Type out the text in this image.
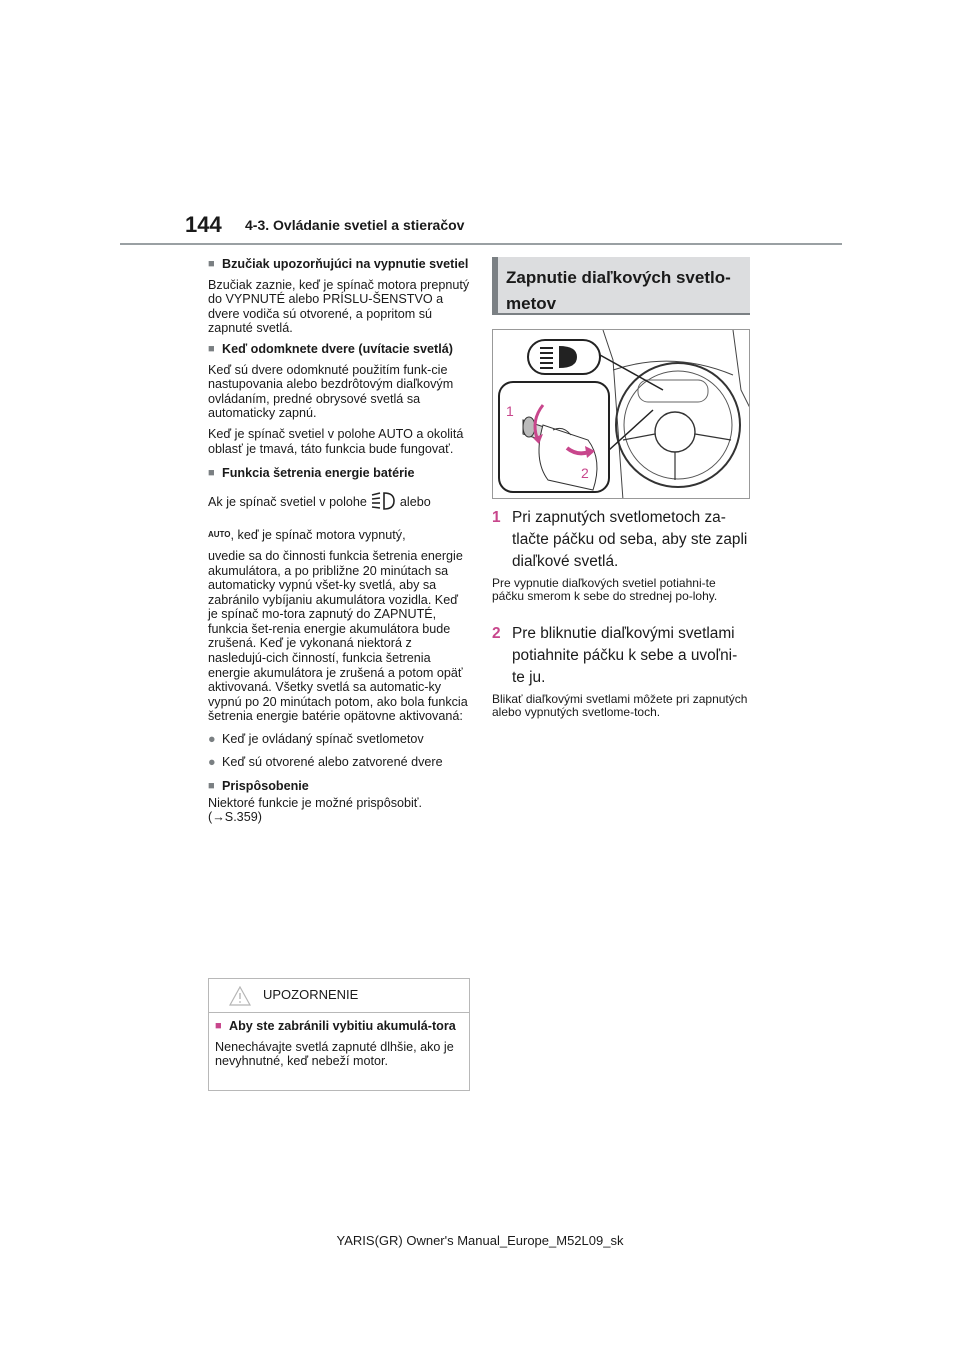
144 4-3. Ovládanie svetiel a stieračov
■ Bzučiak upozorňujúci na vypnutie svetiel
Bzučiak zaznie, keď je spínač motora prepnutý do VYPNUTÉ alebo PRÍSLU-ŠENSTVO a dvere vodiča sú otvorené, a popritom sú zapnuté svetlá.
■ Keď odomknete dvere (uvítacie svetlá)
Keď sú dvere odomknuté použitím funk-cie nastupovania alebo bezdrôtovým diaľkovým ovládaním, predné obrysové svetlá sa automaticky zapnú.
Keď je spínač svetiel v polohe AUTO a okolitá oblasť je tmavá, táto funkcia bude fungovať.
■ Funkcia šetrenia energie batérie
Ak je spínač svetiel v polohe	alebo
AUTO, keď je spínač motora vypnutý,
uvedie sa do činnosti funkcia šetrenia energie akumulátora, a po približne 20 minútach sa automaticky vypnú všet-ky svetlá, aby sa zabránilo vybíjaniu akumulátora vozidla. Keď je spínač mo-tora zapnutý do ZAPNUTÉ, funkcia šet-renia energie akumulátora bude zrušená. Keď je vykonaná niektorá z nasledujú-cich činností, funkcia šetrenia energie akumulátora je zrušená a potom opäť aktivovaná. Všetky svetlá sa automatic-ky vypnú po 20 minútach potom, ako bola funkcia šetrenia energie batérie opätovne aktivovaná:
● Keď je ovládaný spínač svetlometov
● Keď sú otvorené alebo zatvorené dvere
■ Prispôsobenie
Niektoré funkcie je možné prispôsobiť. (→S.359)
UPOZORNENIE
■ Aby ste zabránili vybitiu akumulá-tora
Nenechávajte svetlá zapnuté dlhšie, ako je nevyhnutné, keď nebeží motor.
Zapnutie diaľkových svetlo-metov
1
2
1 Pri zapnutých svetlometoch za-tlačte páčku od seba, aby ste zapli diaľkové svetlá.
Pre vypnutie diaľkových svetiel potiahni-te páčku smerom k sebe do strednej po-lohy.
2 Pre bliknutie diaľkovými svetlami potiahnite páčku k sebe a uvoľni-te ju.
Blikať diaľkovými svetlami môžete pri zapnutých alebo vypnutých svetlome-toch.
YARIS(GR) Owner's Manual_Europe_M52L09_sk
